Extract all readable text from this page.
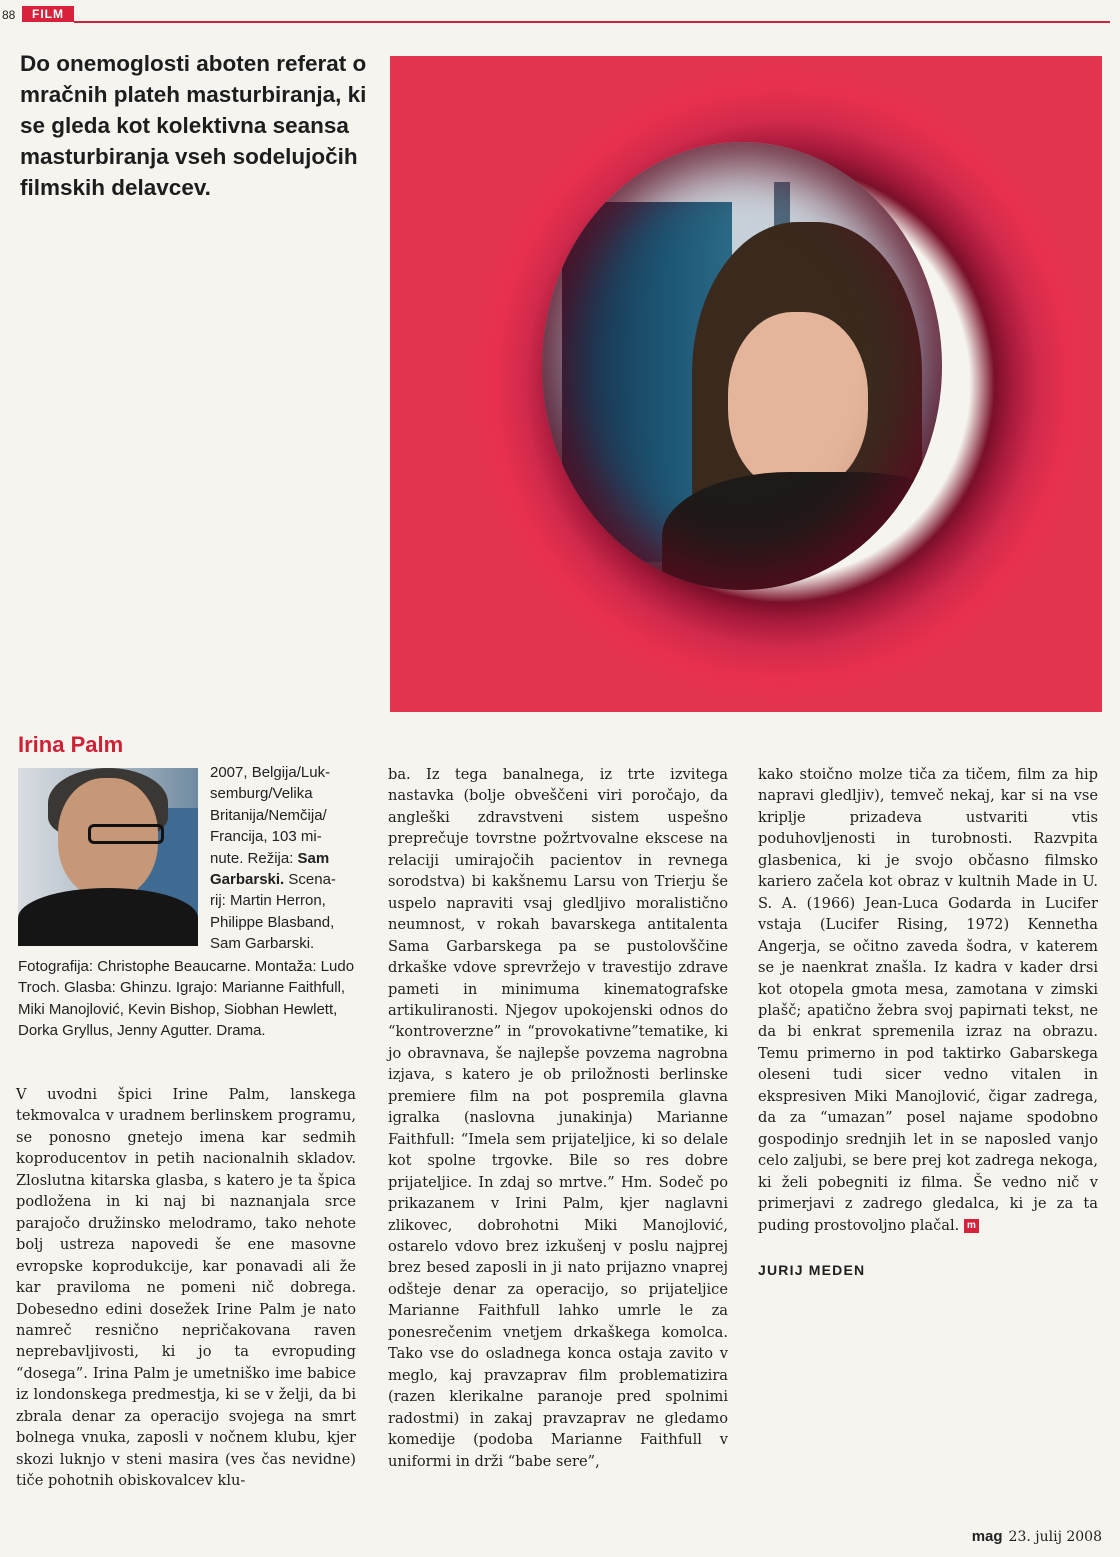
88	FILM
Do onemoglosti aboten referat o mračnih plateh masturbiranja, ki se gleda kot kolektivna seansa masturbiranja vseh sodelujočih filmskih delavcev.
Irina Palm
2007, Belgija/Luk-
semburg/Velika
Britanija/Nemčija/
Francija, 103 mi-
nute. Režija: Sam
Garbarski. Scena-
rij: Martin Herron,
Philippe Blasband,
Sam Garbarski.
Fotografija: Christophe Beaucarne. Montaža: Ludo Troch. Glasba: Ghinzu. Igrajo: Marianne Faithfull, Miki Manojlović, Kevin Bishop, Siobhan Hewlett, Dorka Gryllus, Jenny Agutter. Drama.
V uvodni špici Irine Palm, lanskega tekmovalca v uradnem berlinskem programu, se ponosno gnetejo imena kar sedmih koproducentov in petih nacionalnih skladov. Zloslutna kitarska glasba, s katero je ta špica podložena in ki naj bi naznanjala srce parajočo družinsko melodramo, tako nehote bolj ustreza napovedi še ene masovne evropske koprodukcije, kar ponavadi ali že kar praviloma ne pomeni nič dobrega. Dobesedno edini dosežek Irine Palm je nato namreč resnično nepričakovana raven neprebavljivosti, ki jo ta evropuding “dosega”. Irina Palm je umetniško ime babice iz londonskega predmestja, ki se v želji, da bi zbrala denar za operacijo svojega na smrt bolnega vnuka, zaposli v nočnem klubu, kjer skozi luknjo v steni masira (ves čas nevidne) tiče pohotnih obiskovalcev klu-
ba. Iz tega banalnega, iz trte izvitega nastavka (bolje obveščeni viri poročajo, da angleški zdravstveni sistem uspešno preprečuje tovrstne požrtvovalne ekscese na relaciji umirajočih pacientov in revnega sorodstva) bi kakšnemu Larsu von Trierju še uspelo napraviti vsaj gledljivo moralistično neumnost, v rokah bavarskega antitalenta Sama Garbarskega pa se pustolovščine drkaške vdove sprevržejo v travestijo zdrave pameti in minimuma kinematografske artikuliranosti. Njegov upokojenski odnos do “kontroverzne” in “provokativne”tematike, ki jo obravnava, še najlepše povzema nagrobna izjava, s katero je ob priložnosti berlinske premiere film na pot pospremila glavna igralka (naslovna junakinja) Marianne Faithfull: “Imela sem prijateljice, ki so delale kot spolne trgovke. Bile so res dobre prijateljice. In zdaj so mrtve.” Hm. Sodeč po prikazanem v Irini Palm, kjer naglavni zlikovec, dobrohotni Miki Manojlović, ostarelo vdovo brez izkušenj v poslu najprej brez besed zaposli in ji nato prijazno vnaprej odšteje denar za operacijo, so prijateljice Marianne Faithfull lahko umrle le za ponesrečenim vnetjem drkaškega komolca. Tako vse do osladnega konca ostaja zavito v meglo, kaj pravzaprav film problematizira (razen klerikalne paranoje pred spolnimi radostmi) in zakaj pravzaprav ne gledamo komedije (podoba Marianne Faithfull v uniformi in drži “babe sere”,
kako stoično molze tiča za tičem, film za hip napravi gledljiv), temveč nekaj, kar si na vse kriplje prizadeva ustvariti vtis poduhovljenosti in turobnosti. Razvpita glasbenica, ki je svojo občasno filmsko kariero začela kot obraz v kultnih Made in U. S. A. (1966) Jean-Luca Godarda in Lucifer vstaja (Lucifer Rising, 1972) Kennetha Angerja, se očitno zaveda šodra, v katerem se je naenkrat znašla. Iz kadra v kader drsi kot otopela gmota mesa, zamotana v zimski plašč; apatično žebra svoj papirnati tekst, ne da bi enkrat spremenila izraz na obrazu. Temu primerno in pod taktirko Gabarskega oleseni tudi sicer vedno vitalen in ekspresiven Miki Manojlović, čigar zadrega, da za “umazan” posel najame spodobno gospodinjo srednjih let in se naposled vanjo celo zaljubi, se bere prej kot zadrega nekoga, ki želi pobegniti iz filma. Še vedno nič v primerjavi z zadrego gledalca, ki je za ta puding prostovoljno plačal. m
JURIJ MEDEN
mag 23. julij 2008
